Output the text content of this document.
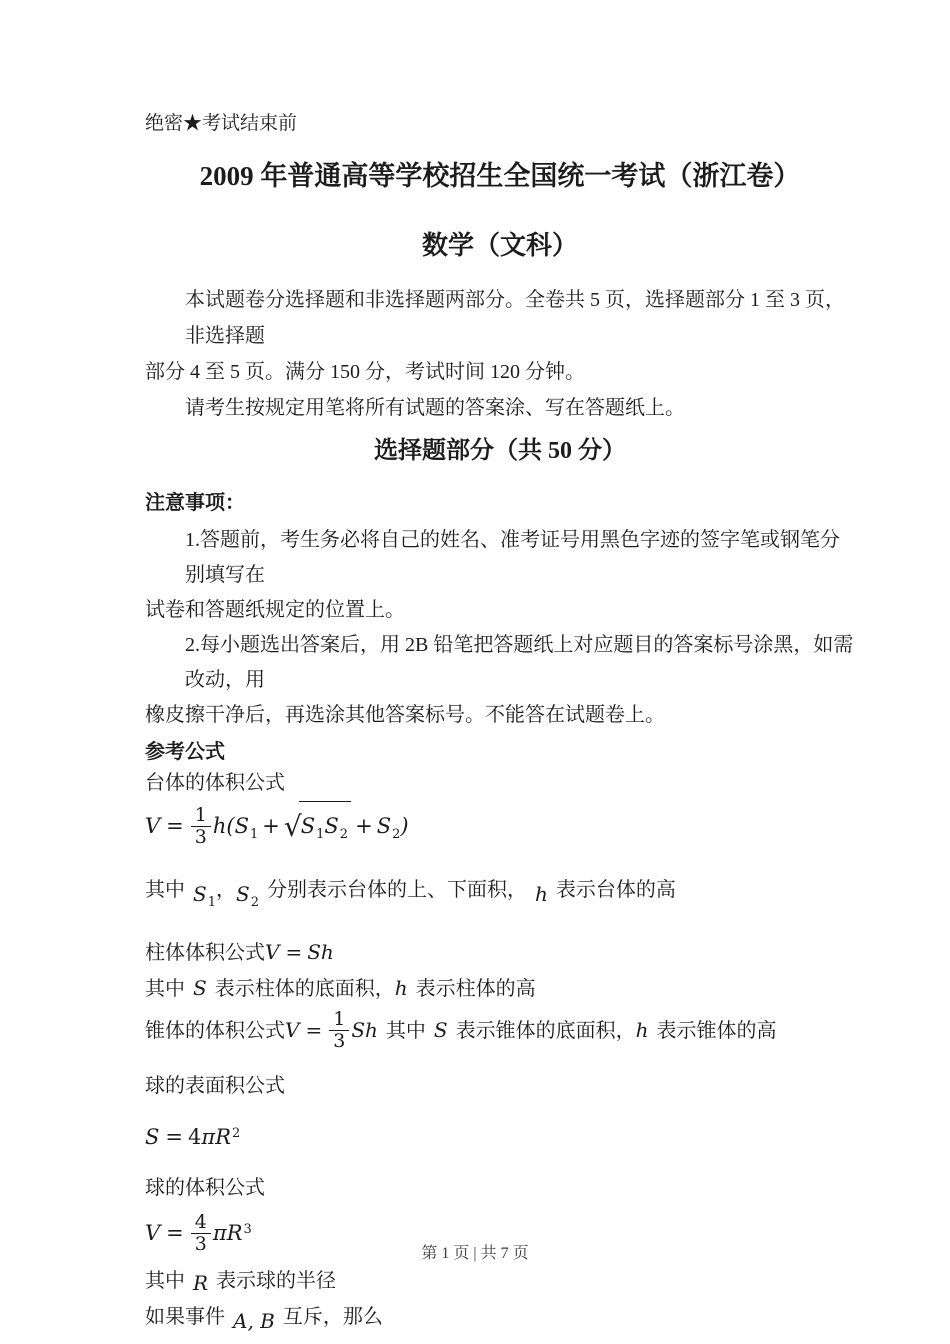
绝密★考试结束前
2009 年普通高等学校招生全国统一考试（浙江卷）
数学（文科）

本试题卷分选择题和非选择题两部分。全卷共 5 页，选择题部分 1 至 3 页，非选择题

部分 4 至 5 页。满分 150 分，考试时间 120 分钟。

请考生按规定用笔将所有试题的答案涂、写在答题纸上。

选择题部分（共 50 分）

注意事项：

1.答题前，考生务必将自己的姓名、准考证号用黑色字迹的签字笔或钢笔分别填写在

试卷和答题纸规定的位置上。

2.每小题选出答案后，用 2B 铅笔把答题纸上对应题目的答案标号涂黑，如需改动，用

橡皮擦干净后，再选涂其他答案标号。不能答在试题卷上。

参考公式

台体的体积公式

$V = \frac{1}{3} h(S_1 + √S_1S_2 + S_2)$

其中 $S_1$，$S_2$分别表示台体的上、下面积， h 表示台体的高

柱体体积公式V = Sh

其中 S 表示柱体的底面积，h 表示柱体的高

锥体的体积公式$V = \frac{1}{3}$ Sh 其中 S 表示锥体的底面积，h 表示锥体的高

球的表面积公式

$S = 4\pi R^2$

球的体积公式

$V = \frac{4}{3} \pi R^3$

其中 R 表示球的半径

如果事件 A, B 互斥，那么

第 1 页 | 共 7 页
